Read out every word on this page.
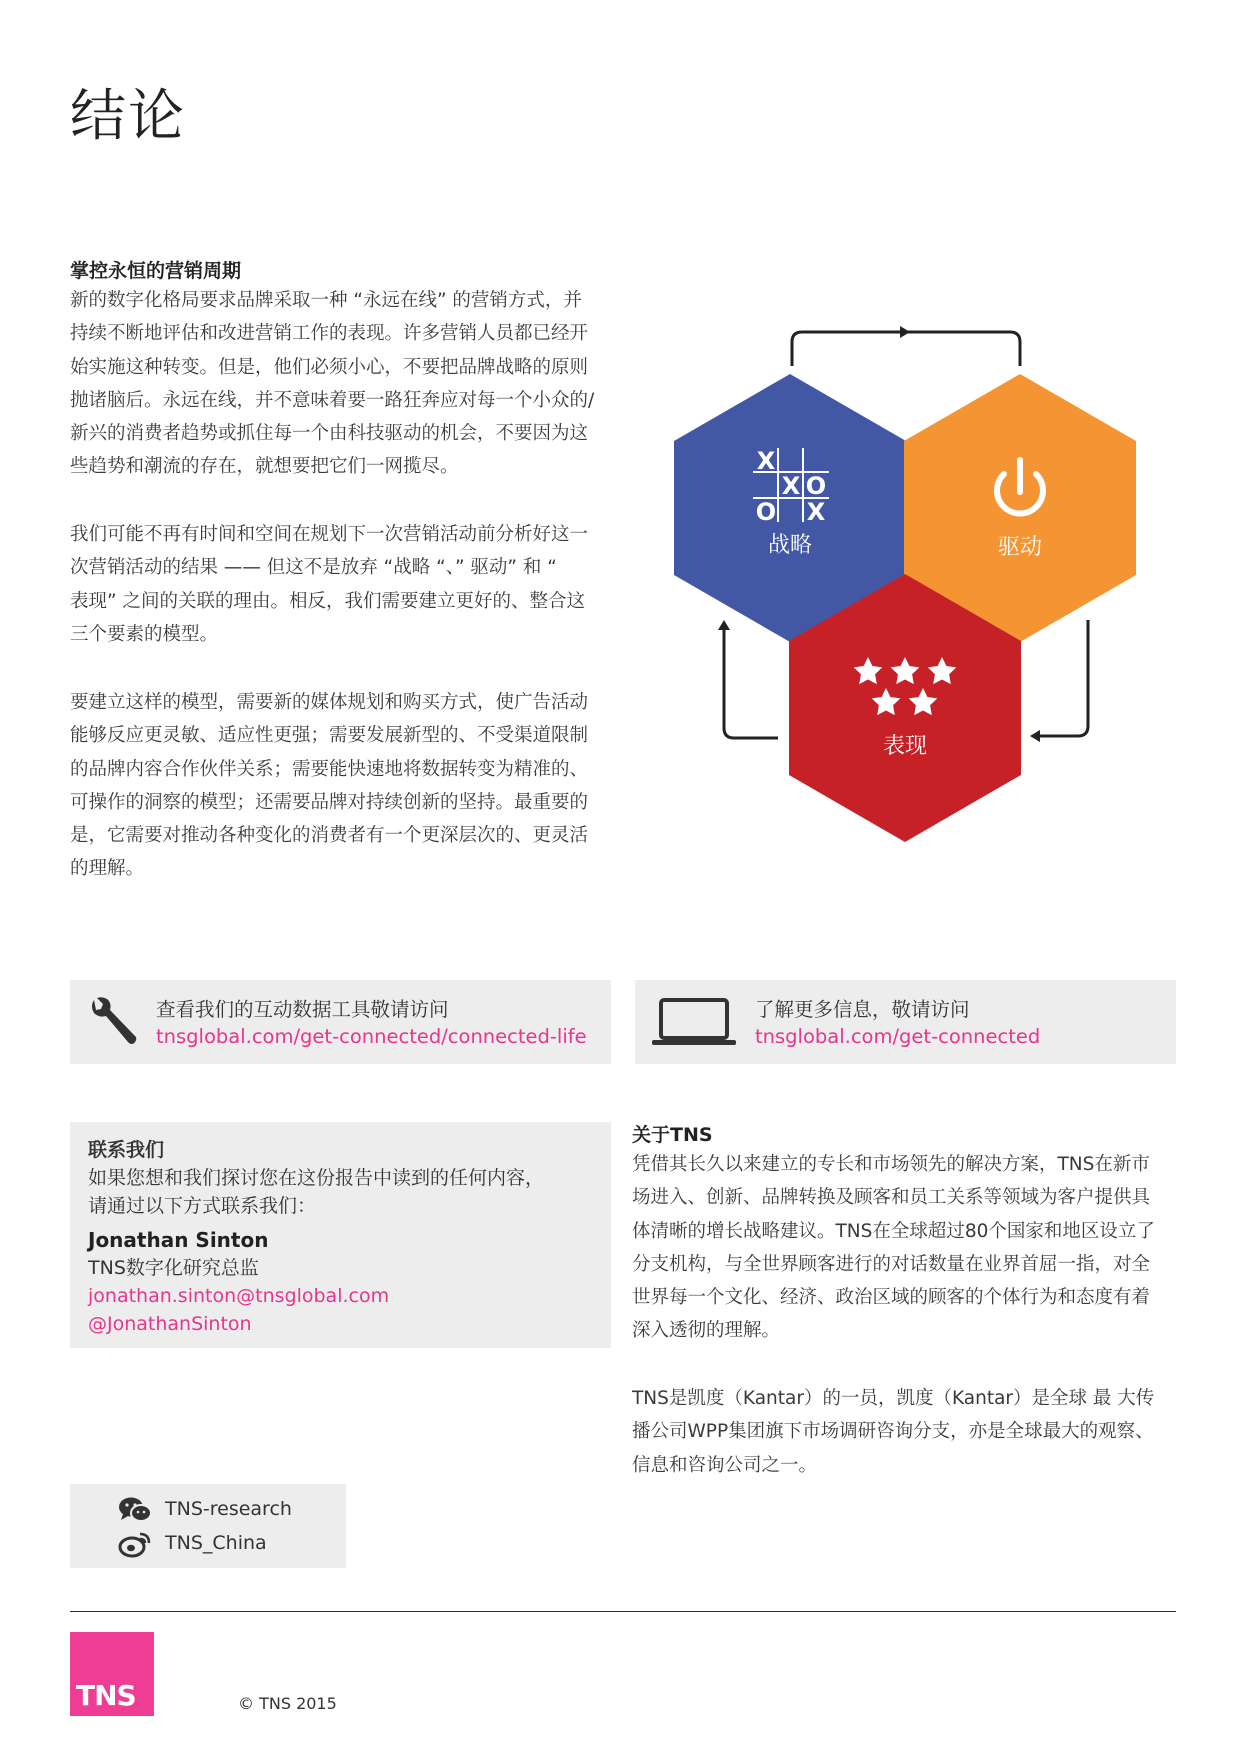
结论
掌控永恒的营销周期
新的数字化格局要求品牌采取一种 “永远在线” 的营销方式，并
持续不断地评估和改进营销工作的表现。许多营销人员都已经开
始实施这种转变。但是，他们必须小心，不要把品牌战略的原则
抛诸脑后。永远在线，并不意味着要一路狂奔应对每一个小众的/
新兴的消费者趋势或抓住每一个由科技驱动的机会，不要因为这
些趋势和潮流的存在，就想要把它们一网揽尽。
我们可能不再有时间和空间在规划下一次营销活动前分析好这一
次营销活动的结果 —— 但这不是放弃 “战略 “、” 驱动” 和 “
表现” 之间的关联的理由。相反，我们需要建立更好的、整合这
三个要素的模型。
要建立这样的模型，需要新的媒体规划和购买方式，使广告活动
能够反应更灵敏、适应性更强；需要发展新型的、不受渠道限制
的品牌内容合作伙伴关系；需要能快速地将数据转变为精准的、
可操作的洞察的模型；还需要品牌对持续创新的坚持。最重要的
是，它需要对推动各种变化的消费者有一个更深层次的、更灵活
的理解。
X
X O
O X
战略	驱动
表现
查看我们的互动数据工具敬请访问
tnsglobal.com/get-connected/connected-life
了解更多信息，敬请访问
tnsglobal.com/get-connected
联系我们
如果您想和我们探讨您在这份报告中读到的任何内容，
请通过以下方式联系我们：
Jonathan Sinton
TNS数字化研究总监
jonathan.sinton@tnsglobal.com
@JonathanSinton
关于TNS
凭借其长久以来建立的专长和市场领先的解决方案，TNS在新市
场进入、创新、品牌转换及顾客和员工关系等领域为客户提供具
体清晰的增长战略建议。TNS在全球超过80个国家和地区设立了
分支机构，与全世界顾客进行的对话数量在业界首屈一指，对全
世界每一个文化、经济、政治区域的顾客的个体行为和态度有着
深入透彻的理解。
TNS是凯度（Kantar）的一员，凯度（Kantar）是全球 最 大传
播公司WPP集团旗下市场调研咨询分支，亦是全球最大的观察、
信息和咨询公司之一。
TNS-research
TNS_China
TNS	© TNS 2015
